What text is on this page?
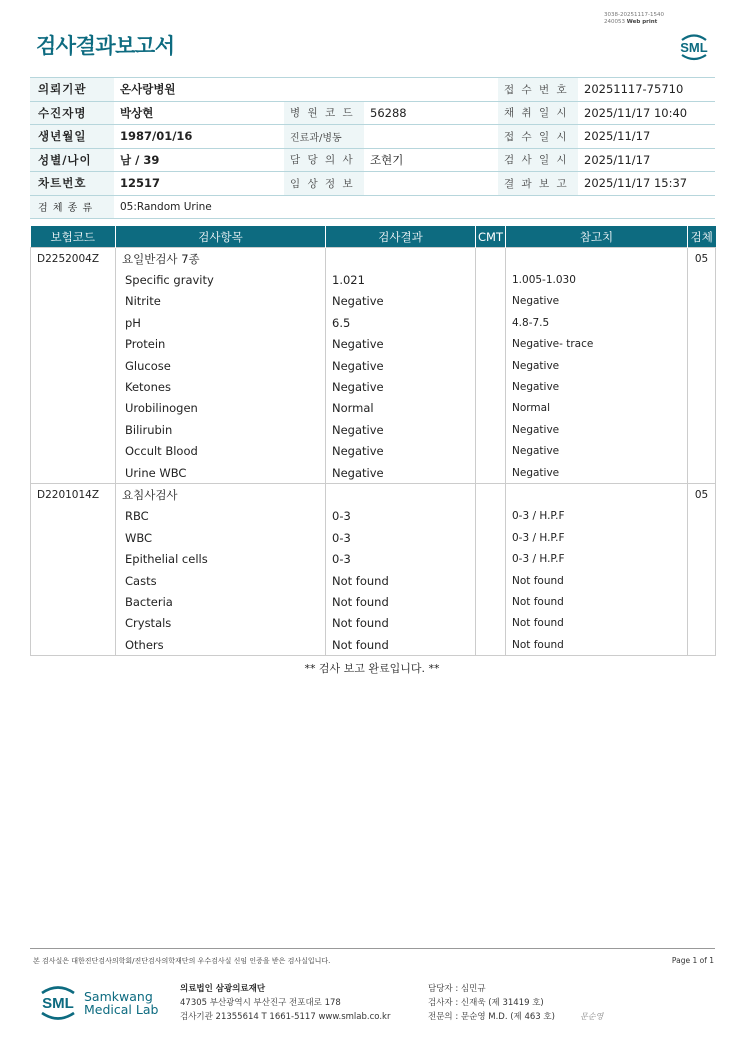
검사결과보고서
3038-20251117-1540
240053 Web print
SML
의뢰기관	온사랑병원			접 수 번 호	20251117-75710
수진자명	박상현	병 원 코 드	56288	채 취 일 시	2025/11/17 10:40
생년월일	1987/01/16	진료과/병동		접 수 일 시	2025/11/17
성별/나이	남 / 39	담 당 의 사	조현기	검 사 일 시	2025/11/17
차트번호	12517	임 상 정 보		결 과 보 고	2025/11/17 15:37
검 체 종 류	05:Random Urine				
보험코드	검사항목	검사결과	CMT	참고치	검체
D2252004Z	요일반검사 7종				05
	Specific gravity	1.021		1.005-1.030	
	Nitrite	Negative		Negative	
	pH	6.5		4.8-7.5	
	Protein	Negative		Negative- trace	
	Glucose	Negative		Negative	
	Ketones	Negative		Negative	
	Urobilinogen	Normal		Normal	
	Bilirubin	Negative		Negative	
	Occult Blood	Negative		Negative	
	Urine WBC	Negative		Negative	
D2201014Z	요침사검사				05
	RBC	0-3		0-3 / H.P.F	
	WBC	0-3		0-3 / H.P.F	
	Epithelial cells	0-3		0-3 / H.P.F	
	Casts	Not found		Not found	
	Bacteria	Not found		Not found	
	Crystals	Not found		Not found	
	Others	Not found		Not found	
** 검사 보고 완료입니다. **
본 검사실은 대한진단검사의학회/진단검사의학재단의 우수검사실 신임 인증을 받은 검사실입니다.	Page 1 of 1
SML Samkwang
Medical Lab
의료법인 삼광의료재단
47305 부산광역시 부산진구 전포대로 178
검사기관 21355614 T 1661-5117 www.smlab.co.kr
담당자 : 심민규
검사자 : 신재욱 (제 31419 호)
전문의 : 문순영 M.D. (제 463 호)	문순영
